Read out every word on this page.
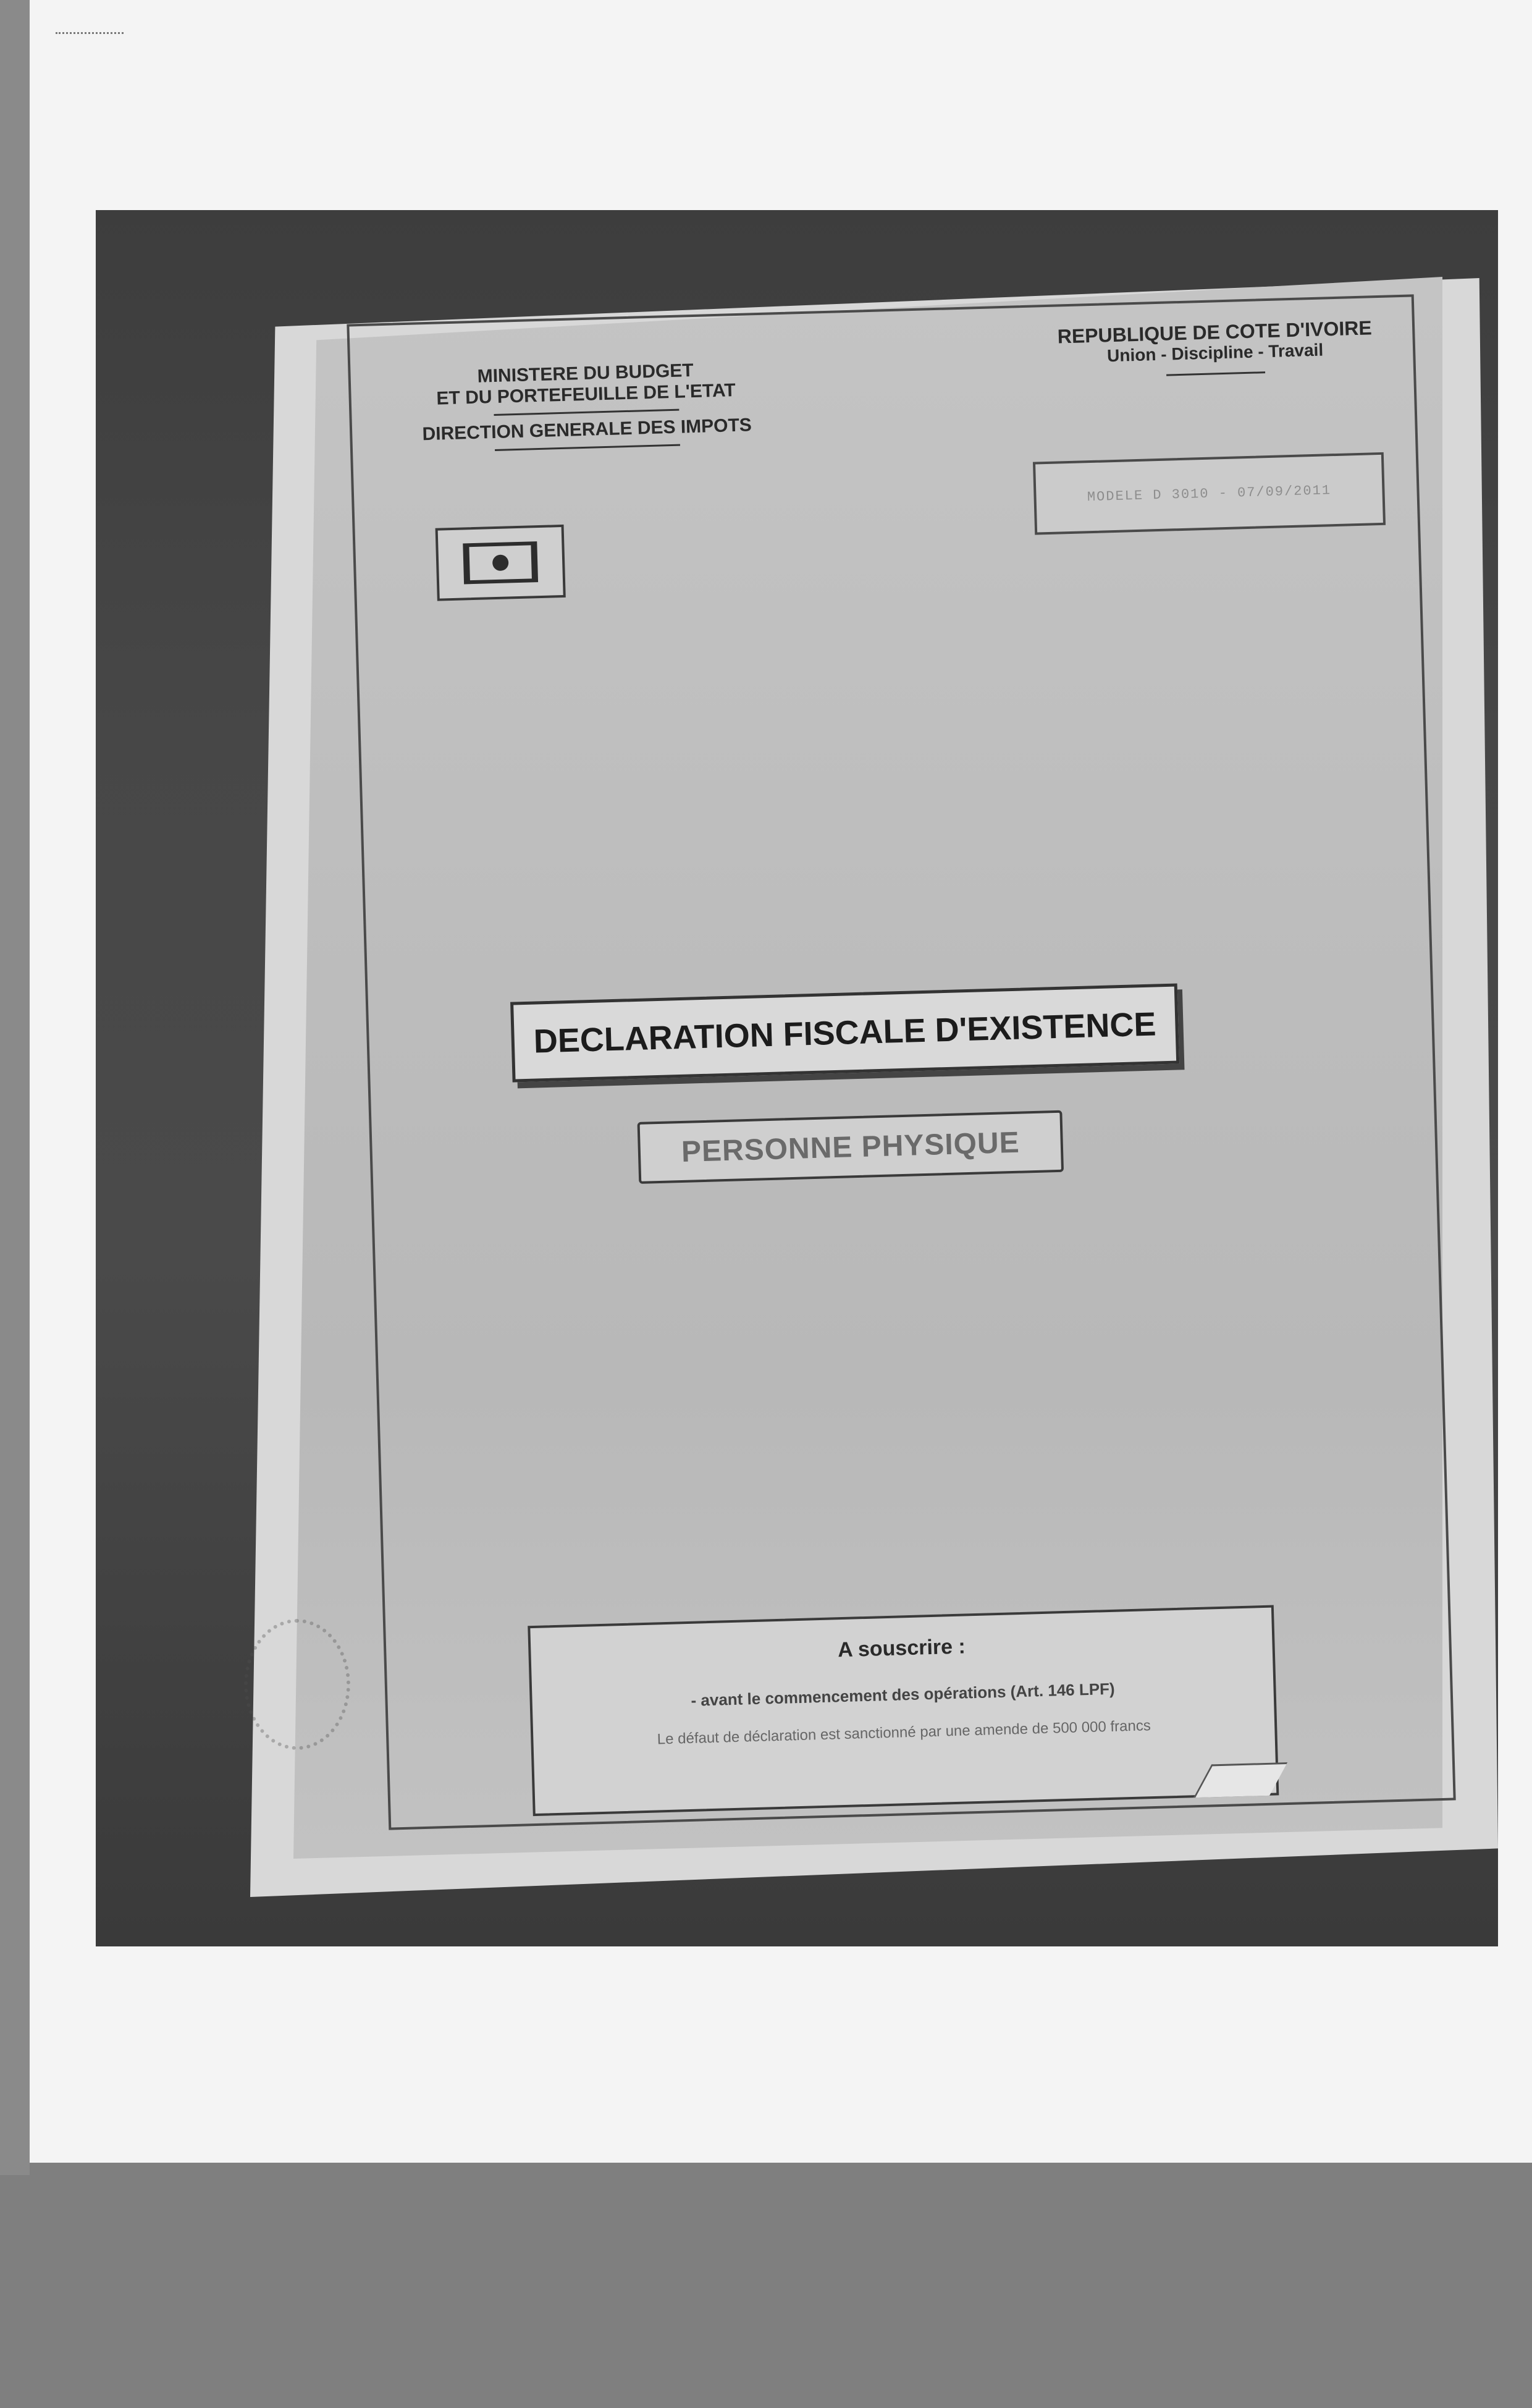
MINISTERE DU BUDGET
ET DU PORTEFEUILLE DE L'ETAT
DIRECTION GENERALE DES IMPOTS
REPUBLIQUE DE COTE D'IVOIRE
Union - Discipline - Travail
MODELE D 3010 - 07/09/2011
DECLARATION FISCALE D'EXISTENCE
PERSONNE PHYSIQUE
A souscrire :
- avant le commencement des opérations (Art. 146 LPF)
Le défaut de déclaration est sanctionné par une amende de 500 000 francs
